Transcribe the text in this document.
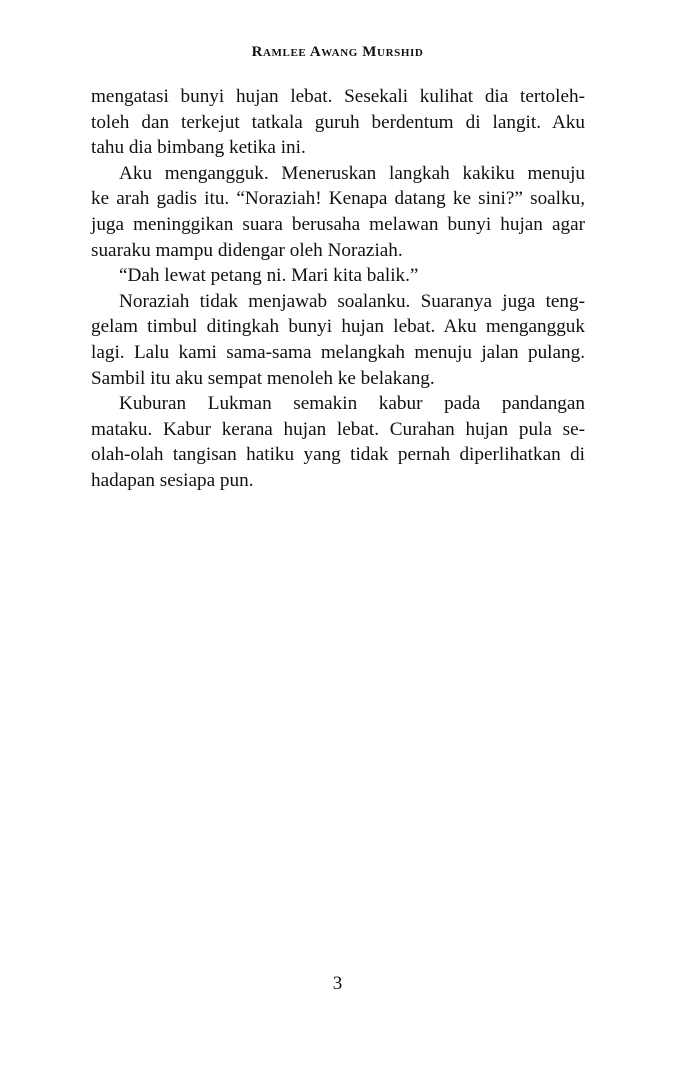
Ramlee Awang Murshid
mengatasi bunyi hujan lebat. Sesekali kulihat dia tertoleh-
toleh dan terkejut tatkala guruh berdentum di langit. Aku
tahu dia bimbang ketika ini.
Aku mengangguk. Meneruskan langkah kakiku menuju
ke arah gadis itu. “Noraziah! Kenapa datang ke sini?” soalku,
juga meninggikan suara berusaha melawan bunyi hujan agar
suaraku mampu didengar oleh Noraziah.
“Dah lewat petang ni. Mari kita balik.”
Noraziah tidak menjawab soalanku. Suaranya juga teng-
gelam timbul ditingkah bunyi hujan lebat. Aku mengangguk
lagi. Lalu kami sama-sama melangkah menuju jalan pulang.
Sambil itu aku sempat menoleh ke belakang.
Kuburan Lukman semakin kabur pada pandangan
mataku. Kabur kerana hujan lebat. Curahan hujan pula se-
olah-olah tangisan hatiku yang tidak pernah diperlihatkan di
hadapan sesiapa pun.
3
